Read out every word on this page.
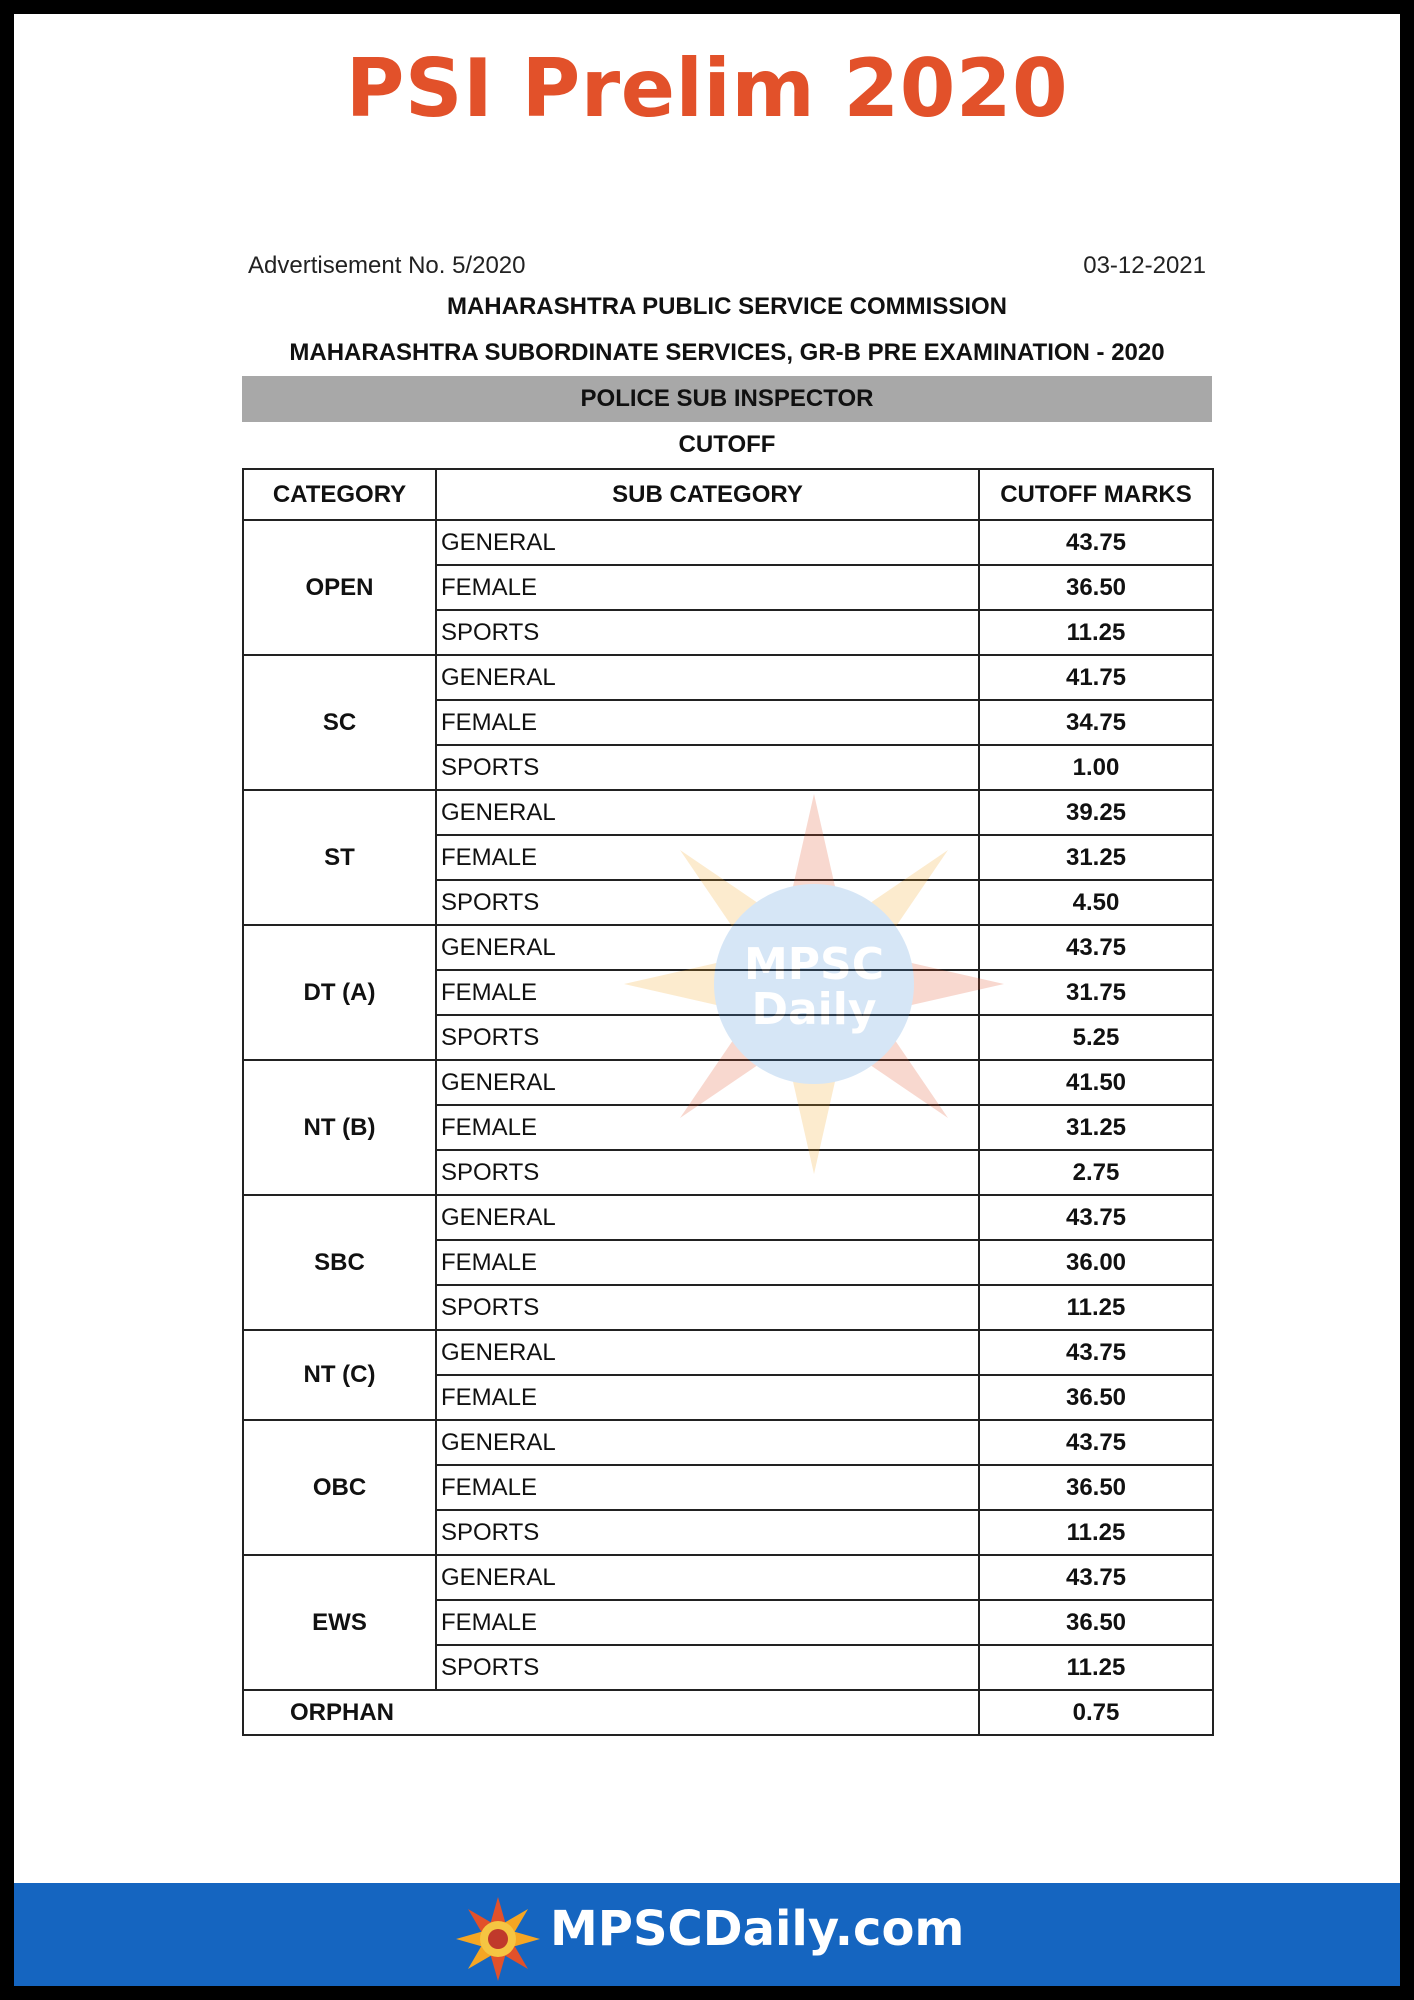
PSI Prelim 2020
Advertisement No. 5/2020	03-12-2021
MAHARASHTRA PUBLIC SERVICE COMMISSION
MAHARASHTRA SUBORDINATE SERVICES, GR-B PRE EXAMINATION - 2020
POLICE SUB INSPECTOR
CUTOFF
CATEGORY	SUB CATEGORY	CUTOFF MARKS
OPEN	GENERAL	43.75
	FEMALE	36.50
	SPORTS	11.25
SC	GENERAL	41.75
	FEMALE	34.75
	SPORTS	1.00
ST	GENERAL	39.25
	FEMALE	31.25
	SPORTS	4.50
DT (A)	GENERAL	43.75
	FEMALE	31.75
	SPORTS	5.25
NT (B)	GENERAL	41.50
	FEMALE	31.25
	SPORTS	2.75
SBC	GENERAL	43.75
	FEMALE	36.00
	SPORTS	11.25
NT (C)	GENERAL	43.75
	FEMALE	36.50
OBC	GENERAL	43.75
	FEMALE	36.50
	SPORTS	11.25
EWS	GENERAL	43.75
	FEMALE	36.50
	SPORTS	11.25
ORPHAN		0.75
MPSC
Daily
MPSCDaily.com
